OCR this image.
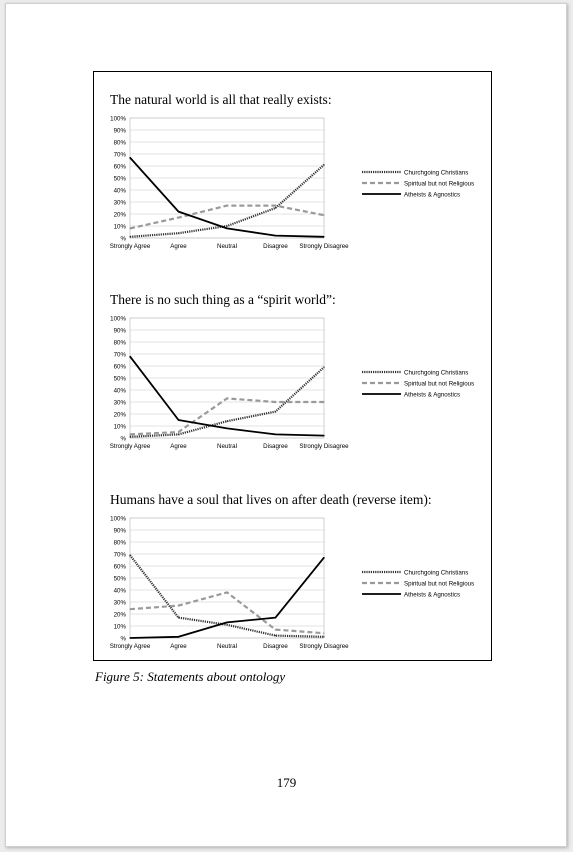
The natural world is all that really exists:
100%
90%
80%
70%
60%
50%
40%
30%
20%
10%
%
Strongly Agree	Agree	Neutral	Disagree Strongly Disagree
Churchgoing Christians
Spiritual but not Religious
Atheists & Agnostics
There is no such thing as a “spirit world”:
100%
90%
80%
70%
60%
50%
40%
30%
20%
10%
%
Strongly Agree	Agree	Neutral	Disagree Strongly Disagree
Churchgoing Christians
Spiritual but not Religious
Atheists & Agnostics
Humans have a soul that lives on after death (reverse item):
100%
90%
80%
70%
60%
50%
40%
30%
20%
10%
%
Strongly Agree	Agree	Neutral	Disagree Strongly Disagree
Churchgoing Christians
Spiritual but not Religious
Atheists & Agnostics
Figure 5: Statements about ontology
179
